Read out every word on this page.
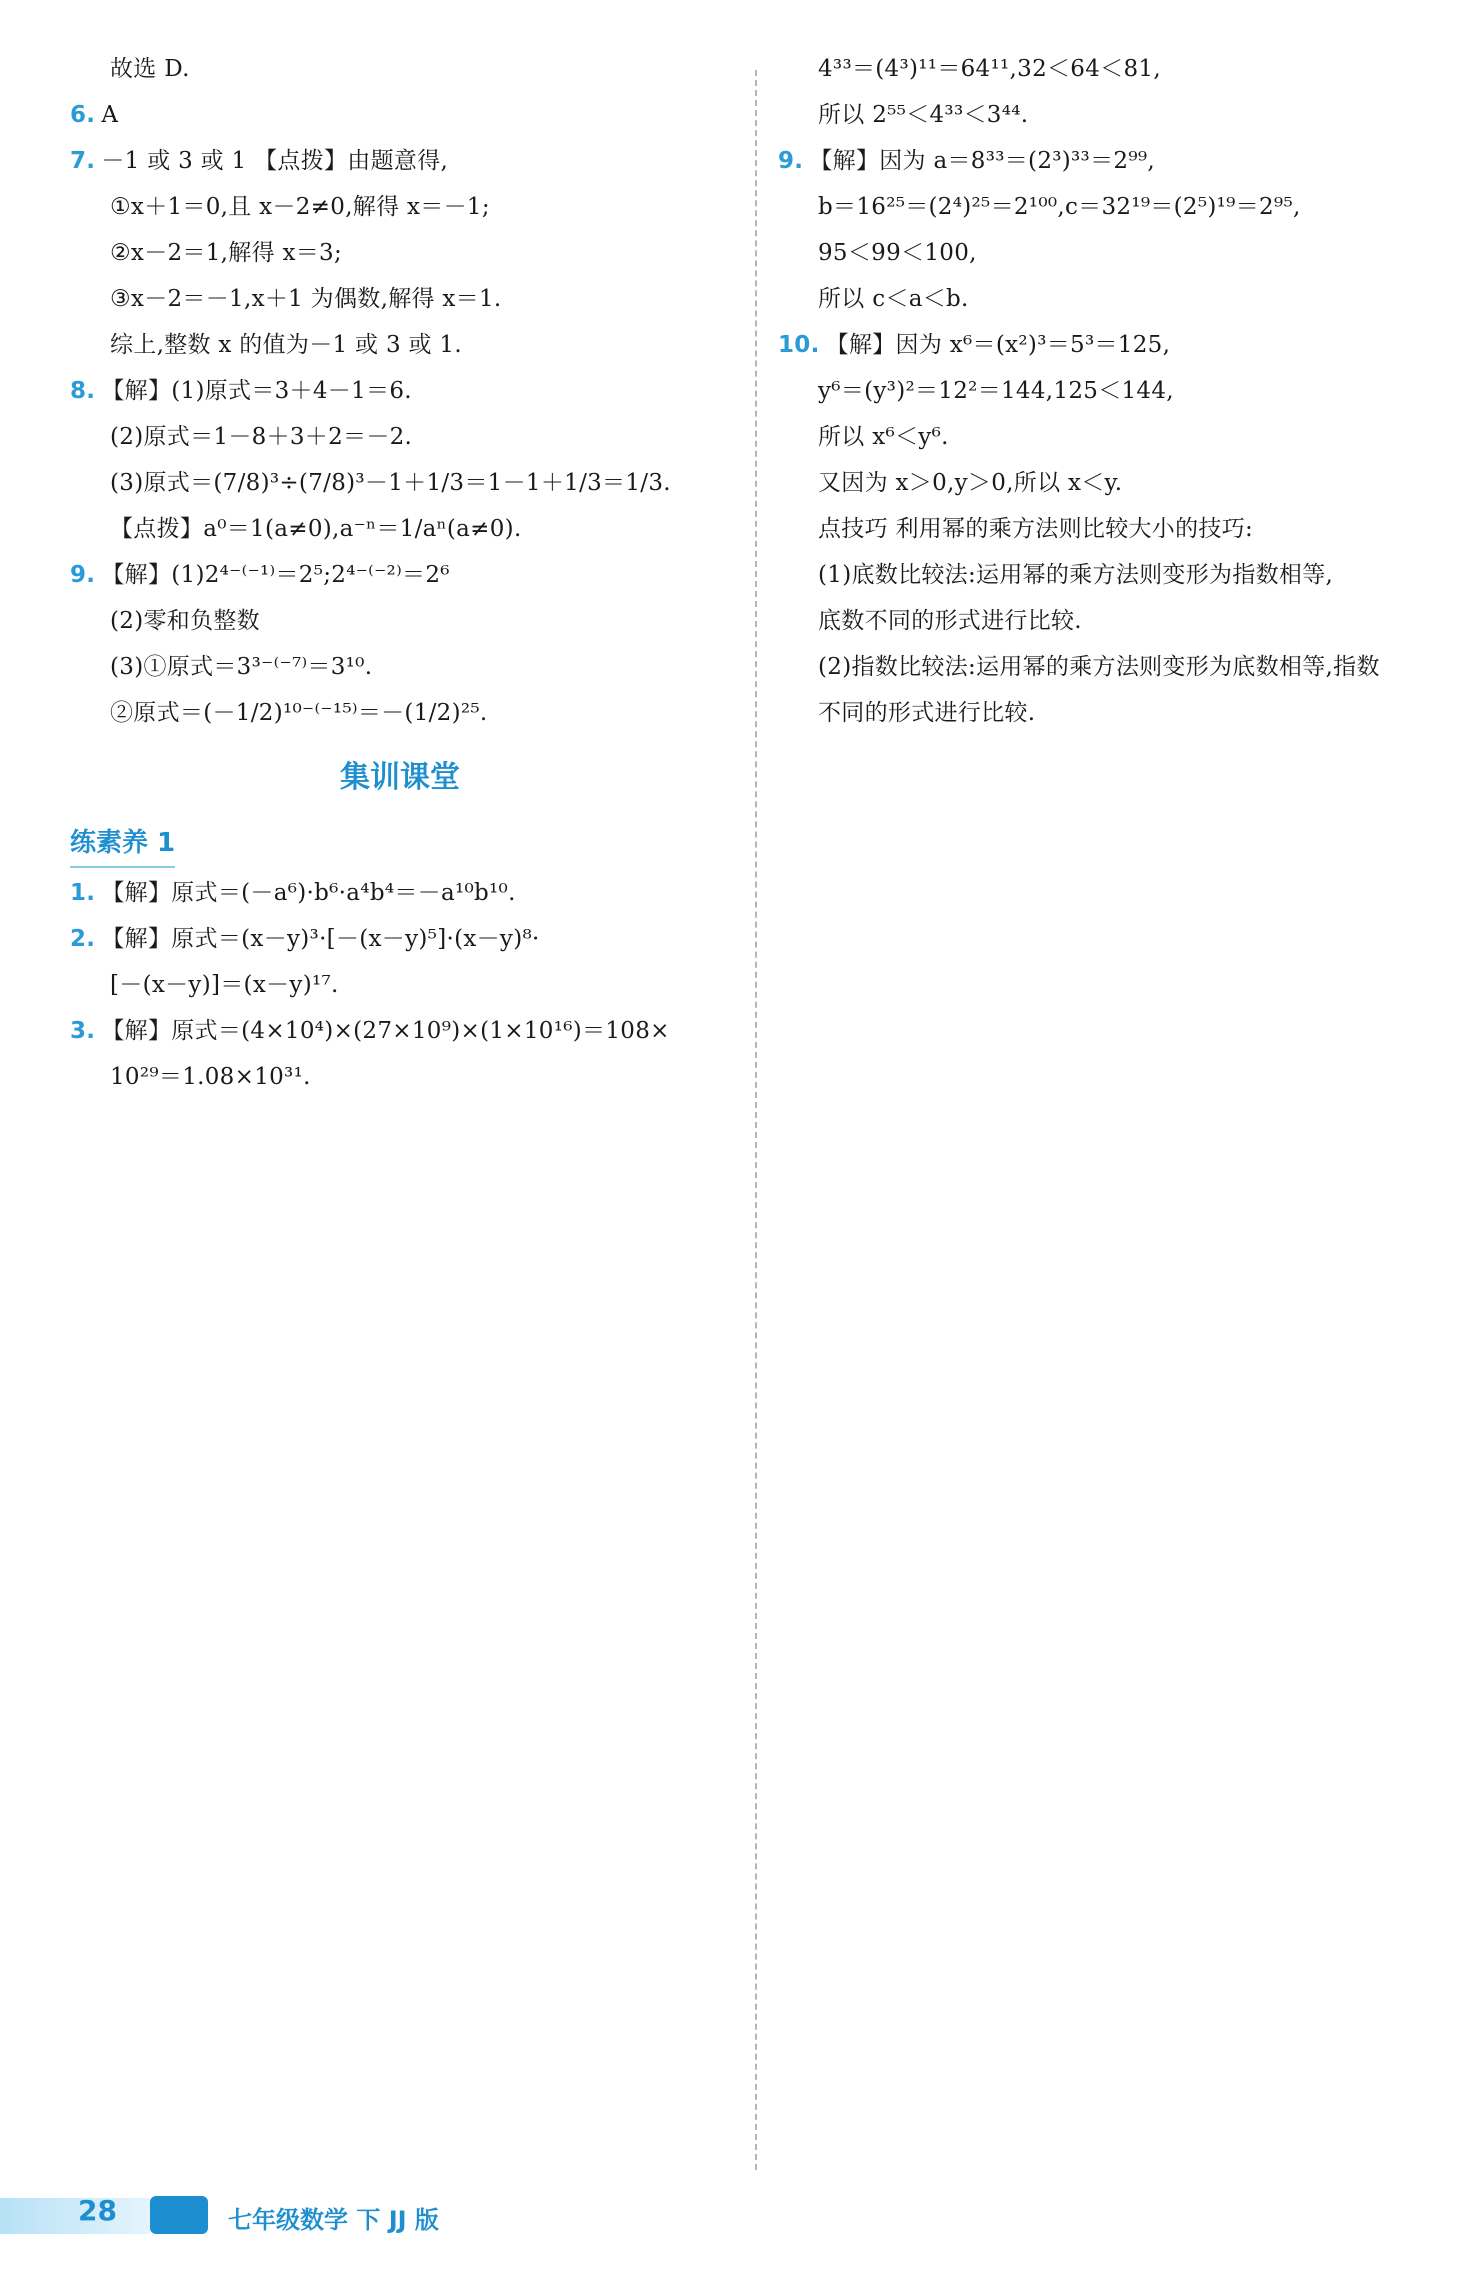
故选 D.
6. A
7. －1 或 3 或 1 【点拨】由题意得,
①x＋1＝0,且 x－2≠0,解得 x＝－1;
②x－2＝1,解得 x＝3;
③x－2＝－1,x＋1 为偶数,解得 x＝1.
综上,整数 x 的值为－1 或 3 或 1.
8. 【解】(1)原式＝3＋4－1＝6.
(2)原式＝1－8＋3＋2＝－2.
(3)原式＝(7/8)³÷(7/8)³－1＋1/3＝1－1＋1/3＝1/3.
【点拨】a⁰＝1(a≠0),a⁻ⁿ＝1/aⁿ(a≠0).
9. 【解】(1)2⁴⁻⁽⁻¹⁾＝2⁵;2⁴⁻⁽⁻²⁾＝2⁶
(2)零和负整数
(3)①原式＝3³⁻⁽⁻⁷⁾＝3¹⁰.
②原式＝(－1/2)¹⁰⁻⁽⁻¹⁵⁾＝－(1/2)²⁵.
集训课堂
练素养 1
1. 【解】原式＝(－a⁶)·b⁶·a⁴b⁴＝－a¹⁰b¹⁰.
2. 【解】原式＝(x－y)³·[－(x－y)⁵]·(x－y)⁸·
[－(x－y)]＝(x－y)¹⁷.
3. 【解】原式＝(4×10⁴)×(27×10⁹)×(1×10¹⁶)＝108×
10²⁹＝1.08×10³¹.
4³³＝(4³)¹¹＝64¹¹,32＜64＜81,
所以 2⁵⁵＜4³³＜3⁴⁴.
9. 【解】因为 a＝8³³＝(2³)³³＝2⁹⁹,
b＝16²⁵＝(2⁴)²⁵＝2¹⁰⁰,c＝32¹⁹＝(2⁵)¹⁹＝2⁹⁵,
95＜99＜100,
所以 c＜a＜b.
10. 【解】因为 x⁶＝(x²)³＝5³＝125,
y⁶＝(y³)²＝12²＝144,125＜144,
所以 x⁶＜y⁶.
又因为 x＞0,y＞0,所以 x＜y.
点技巧 利用幂的乘方法则比较大小的技巧:
(1)底数比较法:运用幂的乘方法则变形为指数相等,
底数不同的形式进行比较.
(2)指数比较法:运用幂的乘方法则变形为底数相等,指数
不同的形式进行比较.
28	七年级数学 下 JJ 版
